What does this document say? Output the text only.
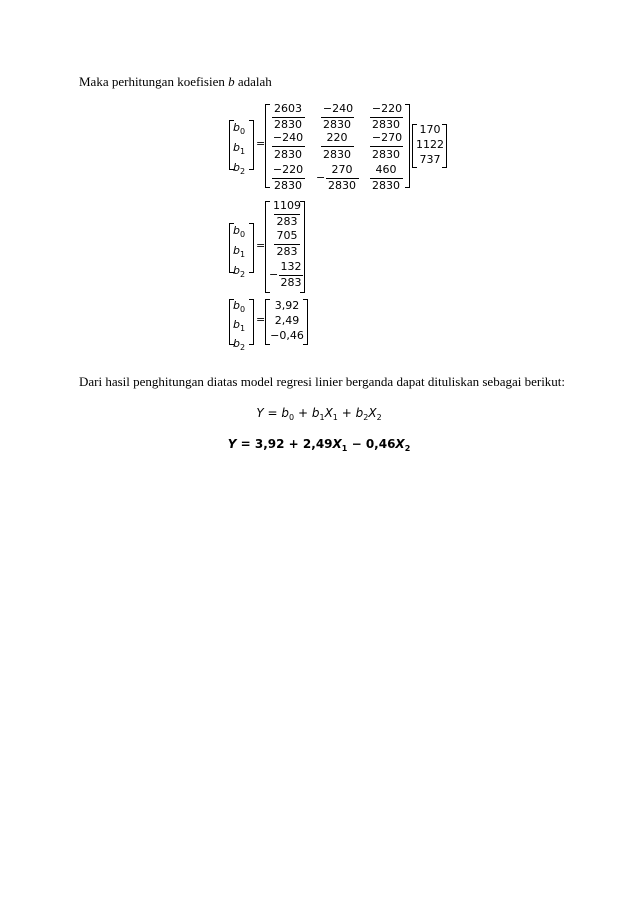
Maka perhitungan koefisien b adalah
$b_0$
$b_1$
$b_2$
=
2603
2830
−240
2830
−220
2830
−240
2830
220
2830
−270
2830
−220
2830
−
270
2830
460
2830
170
1122
737
$b_0$
$b_1$
$b_2$
=
1109
283
705
283
−
132
283
$b_0$
$b_1$
$b_2$
=
3,92
2,49
−0,46
Dari hasil penghitungan diatas model regresi linier berganda dapat dituliskan sebagai berikut:
$Y = b_0 + b_1X_1 + b_2X_2$
$Y = 3,92 + 2,49X_1 - 0,46X_2$
